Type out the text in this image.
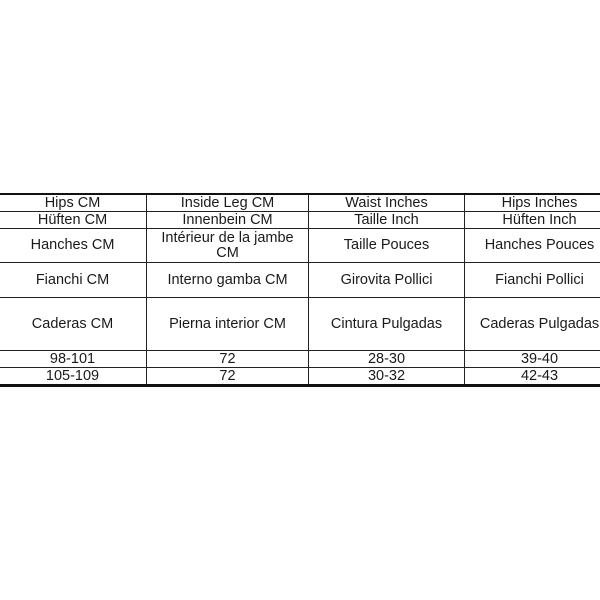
Hips CM	Inside Leg CM	Waist Inches	Hips Inches
Hüften CM	Innenbein CM	Taille Inch	Hüften Inch
Hanches CM	Intérieur de la jambe CM	Taille Pouces	Hanches Pouces
Fianchi CM	Interno gamba CM	Girovita Pollici	Fianchi Pollici
Caderas CM	Pierna interior CM	Cintura Pulgadas	Caderas Pulgadas
98-101	72	28-30	39-40
105-109	72	30-32	42-43
